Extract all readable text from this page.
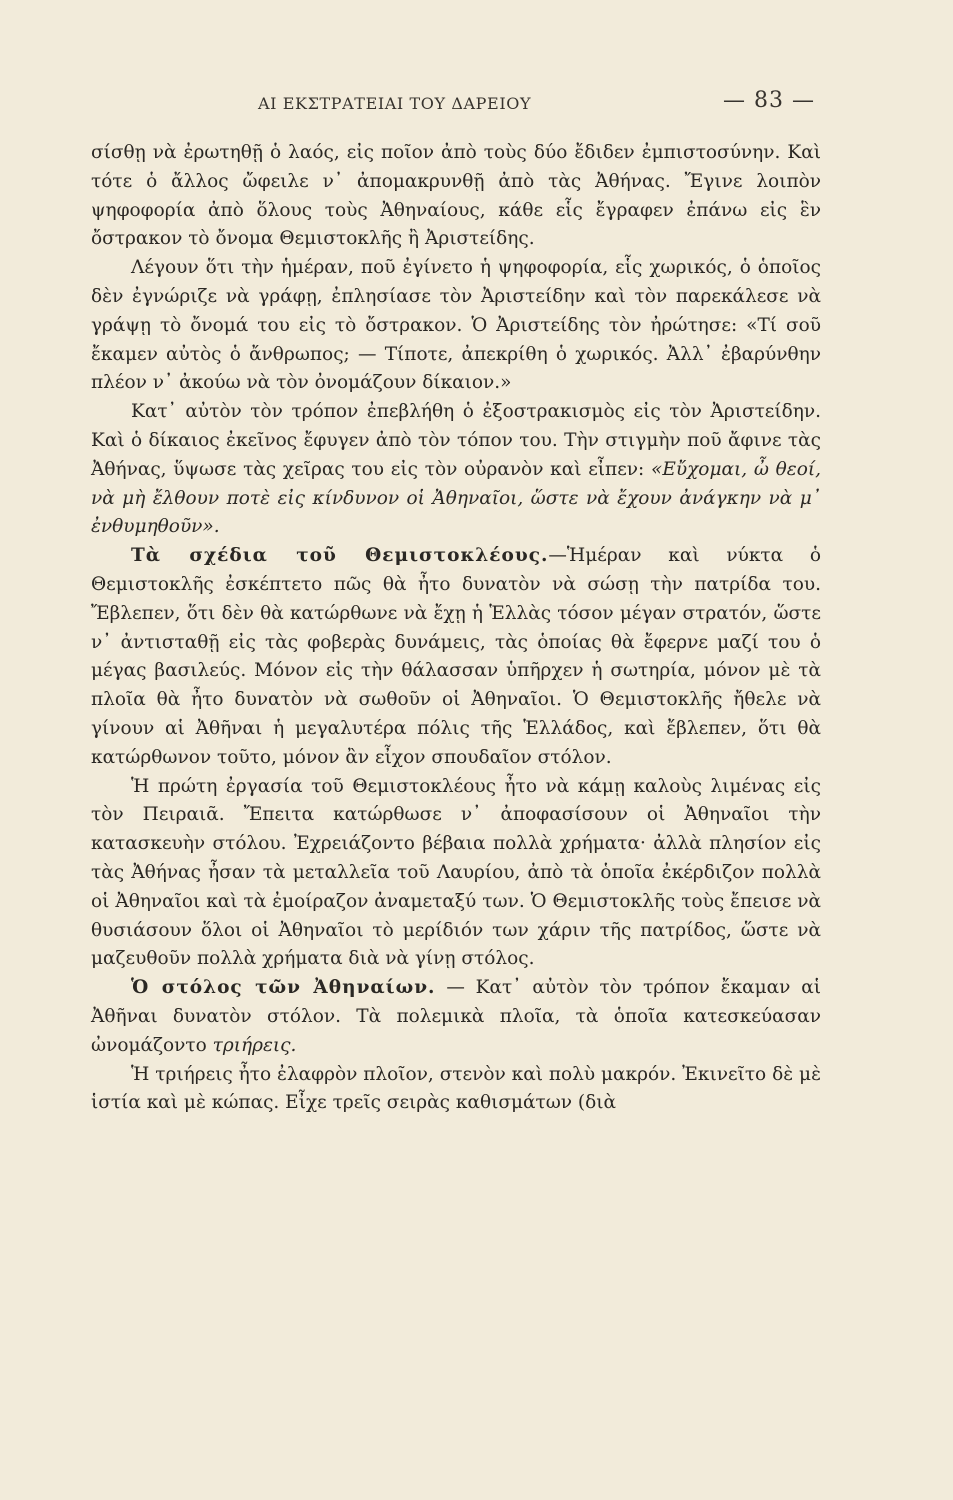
ΑΙ ΕΚΣΤΡΑΤΕΙΑΙ ΤΟΥ ΔΑΡΕΙΟΥ	— 83 —

σίσθῃ νὰ ἐρωτηθῇ ὁ λαός, εἰς ποῖον ἀπὸ τοὺς δύο ἔδιδεν ἐμπιστοσύνην. Καὶ τότε ὁ ἄλλος ὤφειλε ν᾽ ἀπομακρυνθῇ ἀπὸ τὰς Ἀθήνας. Ἔγινε λοιπὸν ψηφοφορία ἀπὸ ὅλους τοὺς Ἀθηναίους, κάθε εἷς ἔγραφεν ἐπάνω εἰς ἓν ὄστρακον τὸ ὄνομα Θεμιστοκλῆς ἢ Ἀριστείδης.

Λέγουν ὅτι τὴν ἡμέραν, ποῦ ἐγίνετο ἡ ψηφοφορία, εἷς χωρικός, ὁ ὁποῖος δὲν ἐγνώριζε νὰ γράφῃ, ἐπλησίασε τὸν Ἀριστείδην καὶ τὸν παρεκάλεσε νὰ γράψῃ τὸ ὄνομά του εἰς τὸ ὄστρακον. Ὁ Ἀριστείδης τὸν ἠρώτησε: «Τί σοῦ ἔκαμεν αὐτὸς ὁ ἄνθρωπος; — Τίποτε, ἀπεκρίθη ὁ χωρικός. Ἀλλ᾽ ἐβαρύνθην πλέον ν᾽ ἀκούω νὰ τὸν ὀνομάζουν δίκαιον.»

Κατ᾽ αὐτὸν τὸν τρόπον ἐπεβλήθη ὁ ἐξοστρακισμὸς εἰς τὸν Ἀριστείδην. Καὶ ὁ δίκαιος ἐκεῖνος ἔφυγεν ἀπὸ τὸν τόπον του. Τὴν στιγμὴν ποῦ ἄφινε τὰς Ἀθήνας, ὕψωσε τὰς χεῖρας του εἰς τὸν οὐρανὸν καὶ εἶπεν: «Εὔχομαι, ὦ θεοί, νὰ μὴ ἔλθουν ποτὲ εἰς κίνδυνον οἱ Ἀθηναῖοι, ὥστε νὰ ἔχουν ἀνάγκην νὰ μ᾽ ἐνθυμηθοῦν».

Τὰ σχέδια τοῦ Θεμιστοκλέους.—Ἡμέραν καὶ νύκτα ὁ Θεμιστοκλῆς ἐσκέπτετο πῶς θὰ ἦτο δυνατὸν νὰ σώσῃ τὴν πατρίδα του. Ἔβλεπεν, ὅτι δὲν θὰ κατώρθωνε νὰ ἔχῃ ἡ Ἑλλὰς τόσον μέγαν στρατόν, ὥστε ν᾽ ἀντισταθῇ εἰς τὰς φοβερὰς δυνάμεις, τὰς ὁποίας θὰ ἔφερνε μαζί του ὁ μέγας βασιλεύς. Μόνον εἰς τὴν θάλασσαν ὑπῆρχεν ἡ σωτηρία, μόνον μὲ τὰ πλοῖα θὰ ἦτο δυνατὸν νὰ σωθοῦν οἱ Ἀθηναῖοι. Ὁ Θεμιστοκλῆς ἤθελε νὰ γίνουν αἱ Ἀθῆναι ἡ μεγαλυτέρα πόλις τῆς Ἑλλάδος, καὶ ἔβλεπεν, ὅτι θὰ κατώρθωνον τοῦτο, μόνον ἂν εἶχον σπουδαῖον στόλον.

Ἡ πρώτη ἐργασία τοῦ Θεμιστοκλέους ἦτο νὰ κάμῃ καλοὺς λιμένας εἰς τὸν Πειραιᾶ. Ἔπειτα κατώρθωσε ν᾽ ἀποφασίσουν οἱ Ἀθηναῖοι τὴν κατασκευὴν στόλου. Ἐχρειάζοντο βέβαια πολλὰ χρήματα· ἀλλὰ πλησίον εἰς τὰς Ἀθήνας ἦσαν τὰ μεταλλεῖα τοῦ Λαυρίου, ἀπὸ τὰ ὁποῖα ἐκέρδιζον πολλὰ οἱ Ἀθηναῖοι καὶ τὰ ἐμοίραζον ἀναμεταξύ των. Ὁ Θεμιστοκλῆς τοὺς ἔπεισε νὰ θυσιάσουν ὅλοι οἱ Ἀθηναῖοι τὸ μερίδιόν των χάριν τῆς πατρίδος, ὥστε νὰ μαζευθοῦν πολλὰ χρήματα διὰ νὰ γίνῃ στόλος.

Ὁ στόλος τῶν Ἀθηναίων. — Κατ᾽ αὐτὸν τὸν τρόπον ἔκαμαν αἱ Ἀθῆναι δυνατὸν στόλον. Τὰ πολεμικὰ πλοῖα, τὰ ὁποῖα κατεσκεύασαν ὠνομάζοντο τριήρεις.

Ἡ τριήρεις ἦτο ἐλαφρὸν πλοῖον, στενὸν καὶ πολὺ μακρόν. Ἐκινεῖτο δὲ μὲ ἱστία καὶ μὲ κώπας. Εἶχε τρεῖς σειρὰς καθισμάτων (διὰ
